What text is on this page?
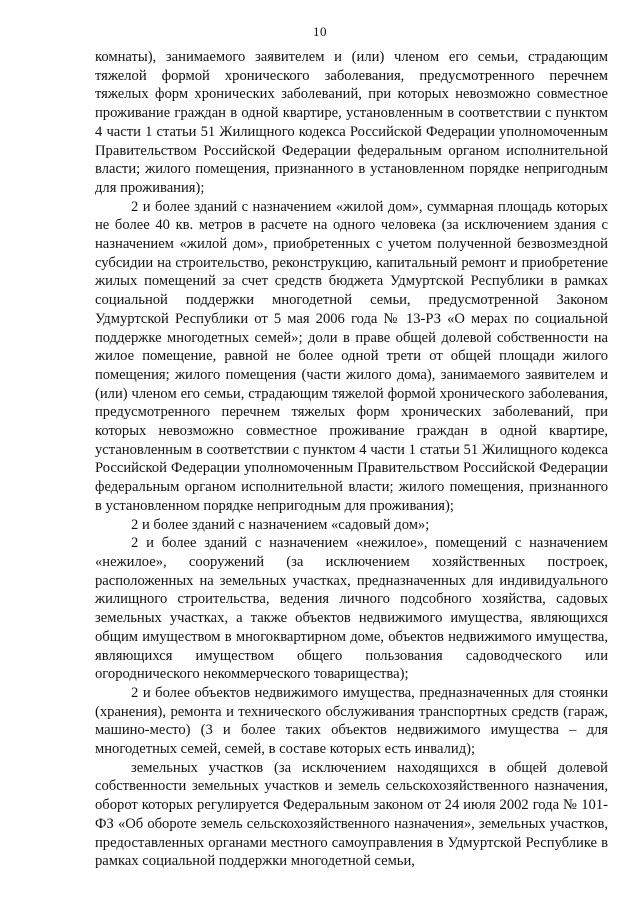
10

комнаты), занимаемого заявителем и (или) членом его семьи, страдающим тяжелой формой хронического заболевания, предусмотренного перечнем тяжелых форм хронических заболеваний, при которых невозможно совместное проживание граждан в одной квартире, установленным в соответствии с пунктом 4 части 1 статьи 51 Жилищного кодекса Российской Федерации уполномоченным Правительством Российской Федерации федеральным органом исполнительной власти; жилого помещения, признанного в установленном порядке непригодным для проживания);

2 и более зданий с назначением «жилой дом», суммарная площадь которых не более 40 кв. метров в расчете на одного человека (за исключением здания с назначением «жилой дом», приобретенных с учетом полученной безвозмездной субсидии на строительство, реконструкцию, капитальный ремонт и приобретение жилых помещений за счет средств бюджета Удмуртской Республики в рамках социальной поддержки многодетной семьи, предусмотренной Законом Удмуртской Республики от 5 мая 2006 года № 13-РЗ «О мерах по социальной поддержке многодетных семей»; доли в праве общей долевой собственности на жилое помещение, равной не более одной трети от общей площади жилого помещения; жилого помещения (части жилого дома), занимаемого заявителем и (или) членом его семьи, страдающим тяжелой формой хронического заболевания, предусмотренного перечнем тяжелых форм хронических заболеваний, при которых невозможно совместное проживание граждан в одной квартире, установленным в соответствии с пунктом 4 части 1 статьи 51 Жилищного кодекса Российской Федерации уполномоченным Правительством Российской Федерации федеральным органом исполнительной власти; жилого помещения, признанного в установленном порядке непригодным для проживания);

2 и более зданий с назначением «садовый дом»;

2 и более зданий с назначением «нежилое», помещений с назначением «нежилое», сооружений (за исключением хозяйственных построек, расположенных на земельных участках, предназначенных для индивидуального жилищного строительства, ведения личного подсобного хозяйства, садовых земельных участках, а также объектов недвижимого имущества, являющихся общим имуществом в многоквартирном доме, объектов недвижимого имущества, являющихся имуществом общего пользования садоводческого или огороднического некоммерческого товарищества);

2 и более объектов недвижимого имущества, предназначенных для стоянки (хранения), ремонта и технического обслуживания транспортных средств (гараж, машино-место) (3 и более таких объектов недвижимого имущества – для многодетных семей, семей, в составе которых есть инвалид);

земельных участков (за исключением находящихся в общей долевой собственности земельных участков и земель сельскохозяйственного назначения, оборот которых регулируется Федеральным законом от 24 июля 2002 года № 101-ФЗ «Об обороте земель сельскохозяйственного назначения», земельных участков, предоставленных органами местного самоуправления в Удмуртской Республике в рамках социальной поддержки многодетной семьи,
